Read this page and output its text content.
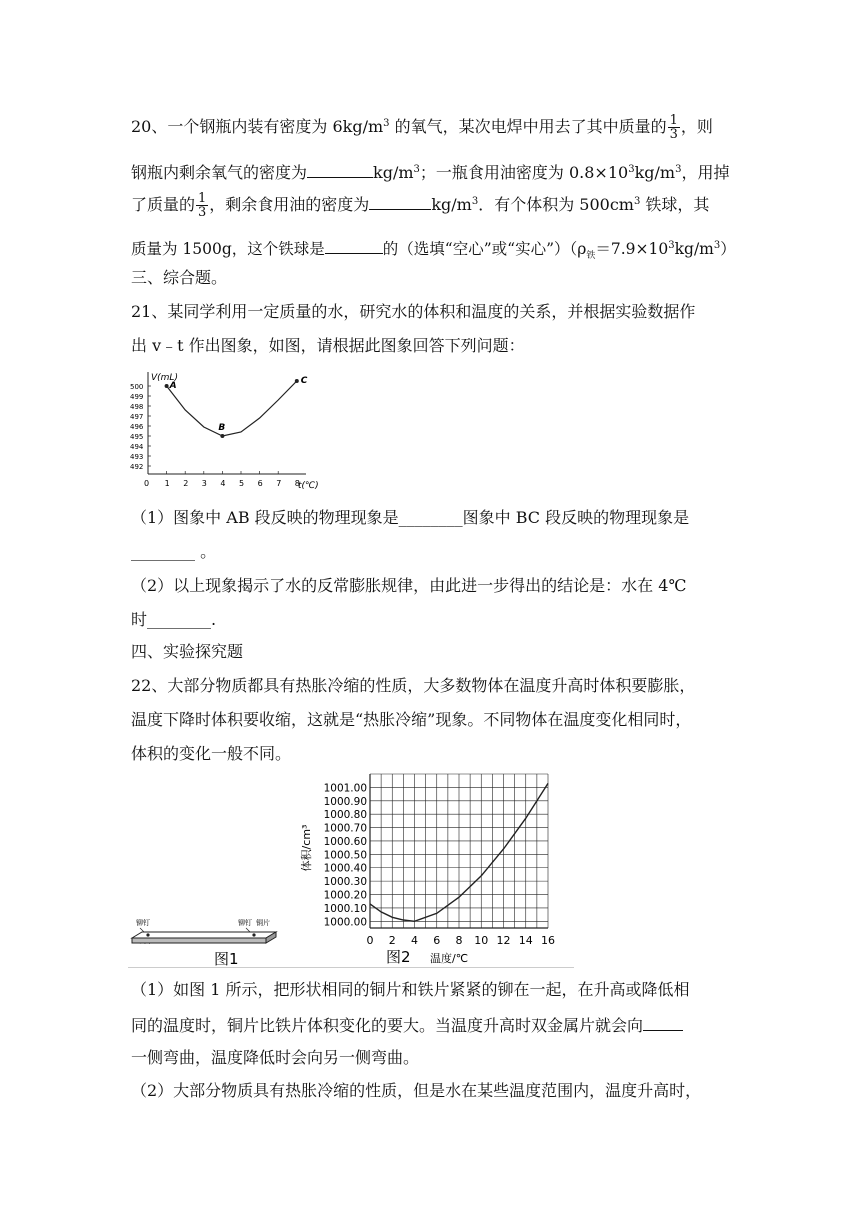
20、一个钢瓶内装有密度为 $6kg/m^3$ 的氧气，某次电焊中用去了其中质量的 $\frac{1}{3}$ ，则
钢瓶内剩余氧气的密度为	$kg/m^3$；一瓶食用油密度为 $0.8\times 10^3kg/m^3$，用掉
了质量的 $\frac{1}{3}$ ，剩余食用油的密度为	$kg/m^3$．有个体积为 $500cm^3$ 铁球，其
质量为 1500g，这个铁球是	的（选填“空心”或“实心$”)(\rho_铁=7.9\times 10^3kg/m^3)$
三、综合题。
21、某同学利用一定质量的水，研究水的体积和温度的关系，并根据实验数据作
出 v﹣t 作出图象，如图，请根据此图象回答下列问题：
V(mL)
t(℃)
500
499
498
497
496
495
494
493
492
0 1 2 3 4 5 6 7 8
A
B
C
（1）图象中 AB 段反映的物理现象是________图象中 BC 段反映的物理现象是
________ 。
（2）以上现象揭示了水的反常膨胀规律，由此进一步得出的结论是：水在 4℃
时________.
四、实验探究题
22、大部分物质都具有热胀冷缩的性质，大多数物体在温度升高时体积要膨胀，
温度下降时体积要收缩，这就是“热胀冷缩”现象。不同物体在温度变化相同时，
体积的变化一般不同。
铆钉	铆钉 铜片
图1
1001.00
1000.90
1000.80
1000.70
1000.60
1000.50
1000.40
1000.30
1000.20
1000.10
1000.00
0 2 4 6 8 10 12 14 16
体积/cm³
温度/℃
图2
（1）如图 1 所示，把形状相同的铜片和铁片紧紧的铆在一起，在升高或降低相
同的温度时，铜片比铁片体积变化的要大。当温度升高时双金属片就会向
一侧弯曲，温度降低时会向另一侧弯曲。
（2）大部分物质具有热胀冷缩的性质，但是水在某些温度范围内，温度升高时，
